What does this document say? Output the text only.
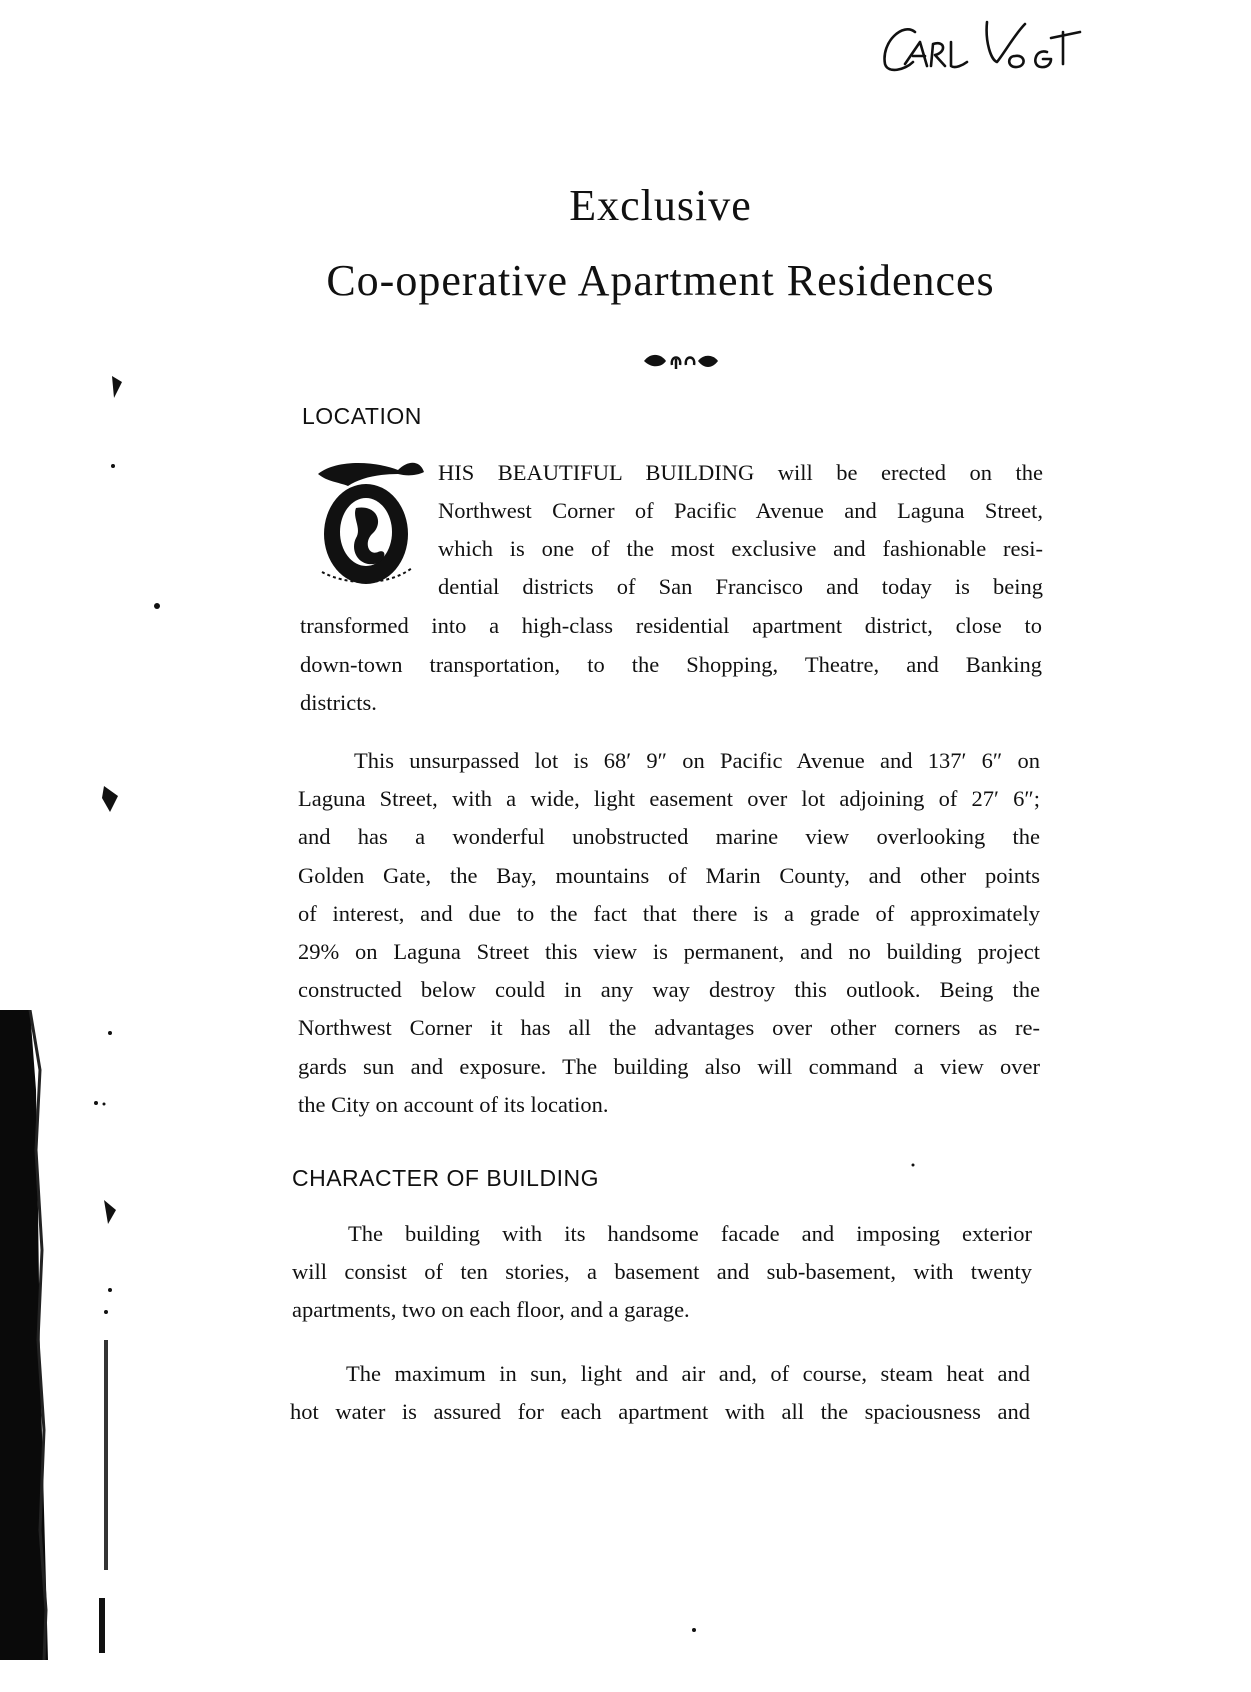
Exclusive
Co-operative Apartment Residences
LOCATION

HIS BEAUTIFUL BUILDING will be erected on the
Northwest Corner of Pacific Avenue and Laguna Street,
which is one of the most exclusive and fashionable resi-
dential districts of San Francisco and today is being

transformed into a high-class residential apartment district, close to
down-town transportation, to the Shopping, Theatre, and Banking
districts.

This unsurpassed lot is 68′ 9″ on Pacific Avenue and 137′ 6″ on
Laguna Street, with a wide, light easement over lot adjoining of 27′ 6″;
and has a wonderful unobstructed marine view overlooking the
Golden Gate, the Bay, mountains of Marin County, and other points
of interest, and due to the fact that there is a grade of approximately
29% on Laguna Street this view is permanent, and no building project
constructed below could in any way destroy this outlook. Being the
Northwest Corner it has all the advantages over other corners as re-
gards sun and exposure. The building also will command a view over
the City on account of its location.

CHARACTER OF BUILDING

The building with its handsome facade and imposing exterior
will consist of ten stories, a basement and sub-basement, with twenty
apartments, two on each floor, and a garage.

The maximum in sun, light and air and, of course, steam heat and
hot water is assured for each apartment with all the spaciousness and
